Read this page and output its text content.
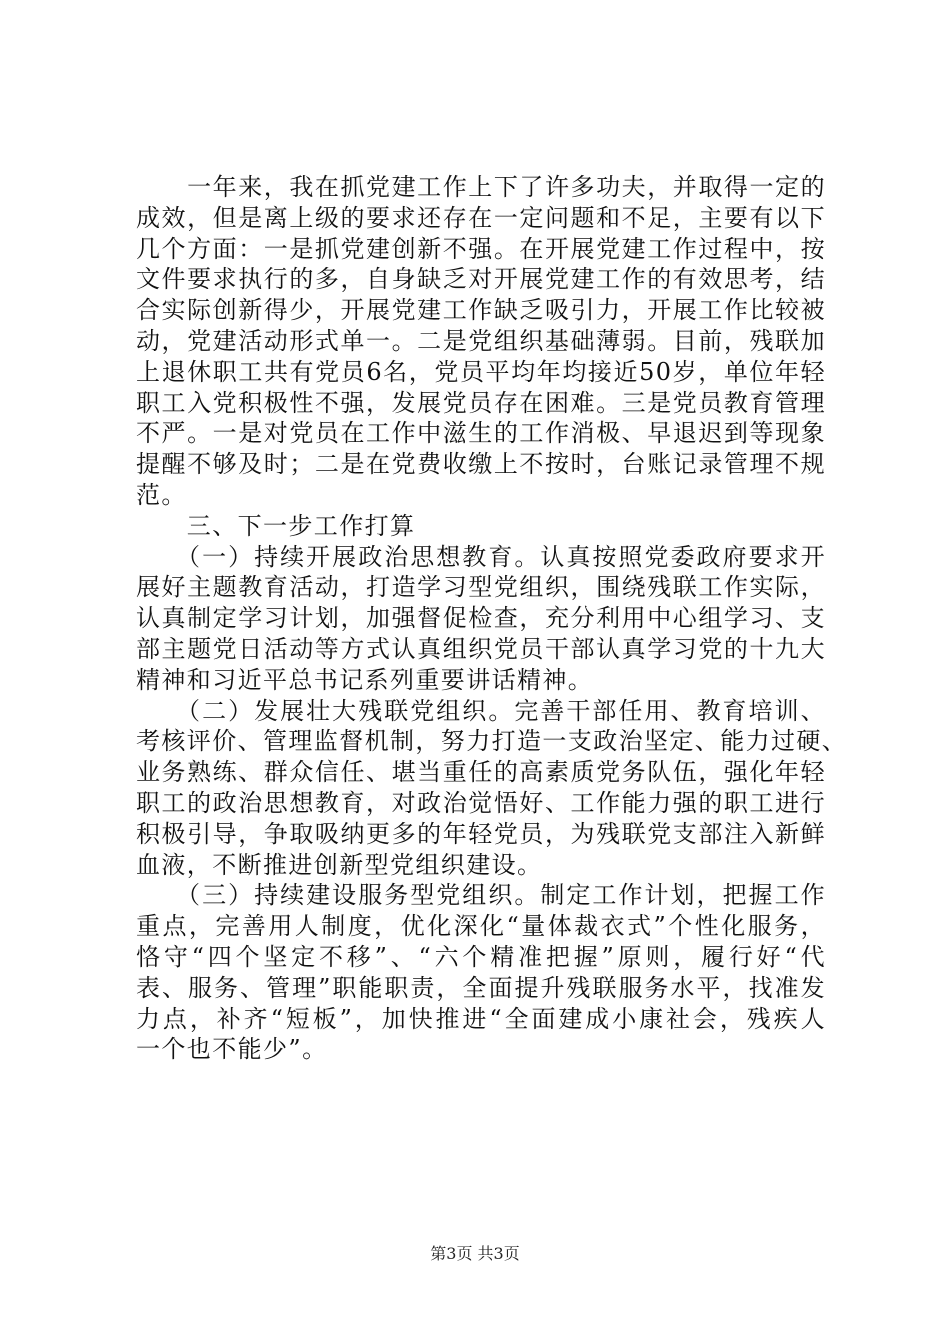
　　一年来，我在抓党建工作上下了许多功夫，并取得一定的
成效，但是离上级的要求还存在一定问题和不足，主要有以下
几个方面：一是抓党建创新不强。在开展党建工作过程中，按
文件要求执行的多，自身缺乏对开展党建工作的有效思考，结
合实际创新得少，开展党建工作缺乏吸引力，开展工作比较被
动，党建活动形式单一。二是党组织基础薄弱。目前，残联加
上退休职工共有党员6名，党员平均年均接近50岁，单位年轻
职工入党积极性不强，发展党员存在困难。三是党员教育管理
不严。一是对党员在工作中滋生的工作消极、早退迟到等现象
提醒不够及时；二是在党费收缴上不按时，台账记录管理不规
范。
　　三、下一步工作打算
　　（一）持续开展政治思想教育。认真按照党委政府要求开
展好主题教育活动，打造学习型党组织，围绕残联工作实际，
认真制定学习计划，加强督促检查，充分利用中心组学习、支
部主题党日活动等方式认真组织党员干部认真学习党的十九大
精神和习近平总书记系列重要讲话精神。
　　（二）发展壮大残联党组织。完善干部任用、教育培训、
考核评价、管理监督机制，努力打造一支政治坚定、能力过硬、
业务熟练、群众信任、堪当重任的高素质党务队伍，强化年轻
职工的政治思想教育，对政治觉悟好、工作能力强的职工进行
积极引导，争取吸纳更多的年轻党员，为残联党支部注入新鲜
血液，不断推进创新型党组织建设。
　　（三）持续建设服务型党组织。制定工作计划，把握工作
重点，完善用人制度，优化深化“量体裁衣式”个性化服务，
恪守“四个坚定不移”、“六个精准把握”原则，履行好“代
表、服务、管理”职能职责，全面提升残联服务水平，找准发
力点，补齐“短板”，加快推进“全面建成小康社会，残疾人
一个也不能少”。
第3页 共3页
